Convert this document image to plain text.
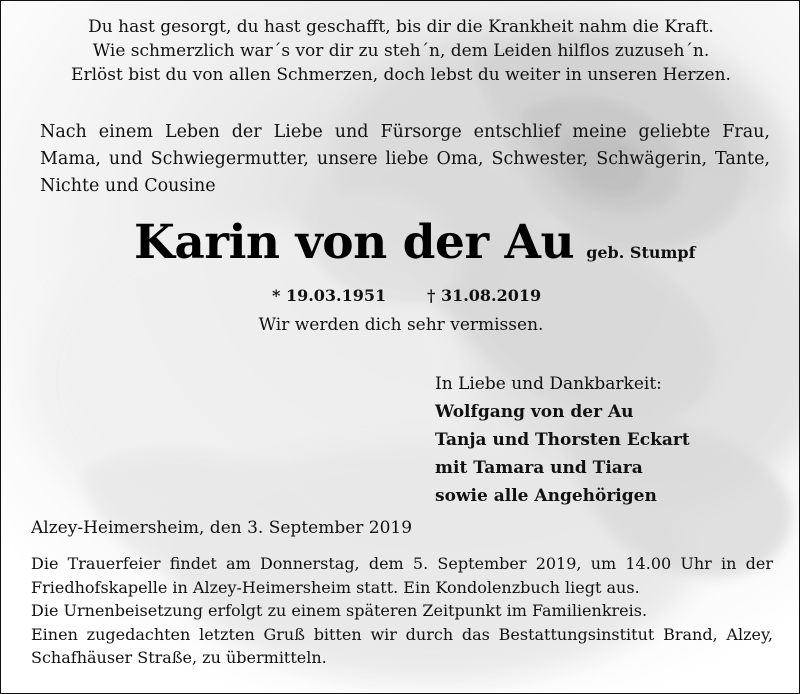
Du hast gesorgt, du hast geschafft, bis dir die Krankheit nahm die Kraft.
Wie schmerzlich war´s vor dir zu steh´n, dem Leiden hilflos zuzuseh´n.
Erlöst bist du von allen Schmerzen, doch lebst du weiter in unseren Herzen.
Nach einem Leben der Liebe und Fürsorge entschlief meine geliebte Frau, Mama, und Schwiegermutter, unsere liebe Oma, Schwester, Schwägerin, Tante, Nichte und Cousine
Karin von der Au geb. Stumpf
* 19.03.1951	† 31.08.2019
Wir werden dich sehr vermissen.
In Liebe und Dankbarkeit:
Wolfgang von der Au
Tanja und Thorsten Eckart
mit Tamara und Tiara
sowie alle Angehörigen
Alzey-Heimersheim, den 3. September 2019
Die Trauerfeier findet am Donnerstag, dem 5. September 2019, um 14.00 Uhr in der
Friedhofskapelle in Alzey-Heimersheim statt. Ein Kondolenzbuch liegt aus.
Die Urnenbeisetzung erfolgt zu einem späteren Zeitpunkt im Familienkreis.
Einen zugedachten letzten Gruß bitten wir durch das Bestattungsinstitut Brand, Alzey,
Schafhäuser Straße, zu übermitteln.
